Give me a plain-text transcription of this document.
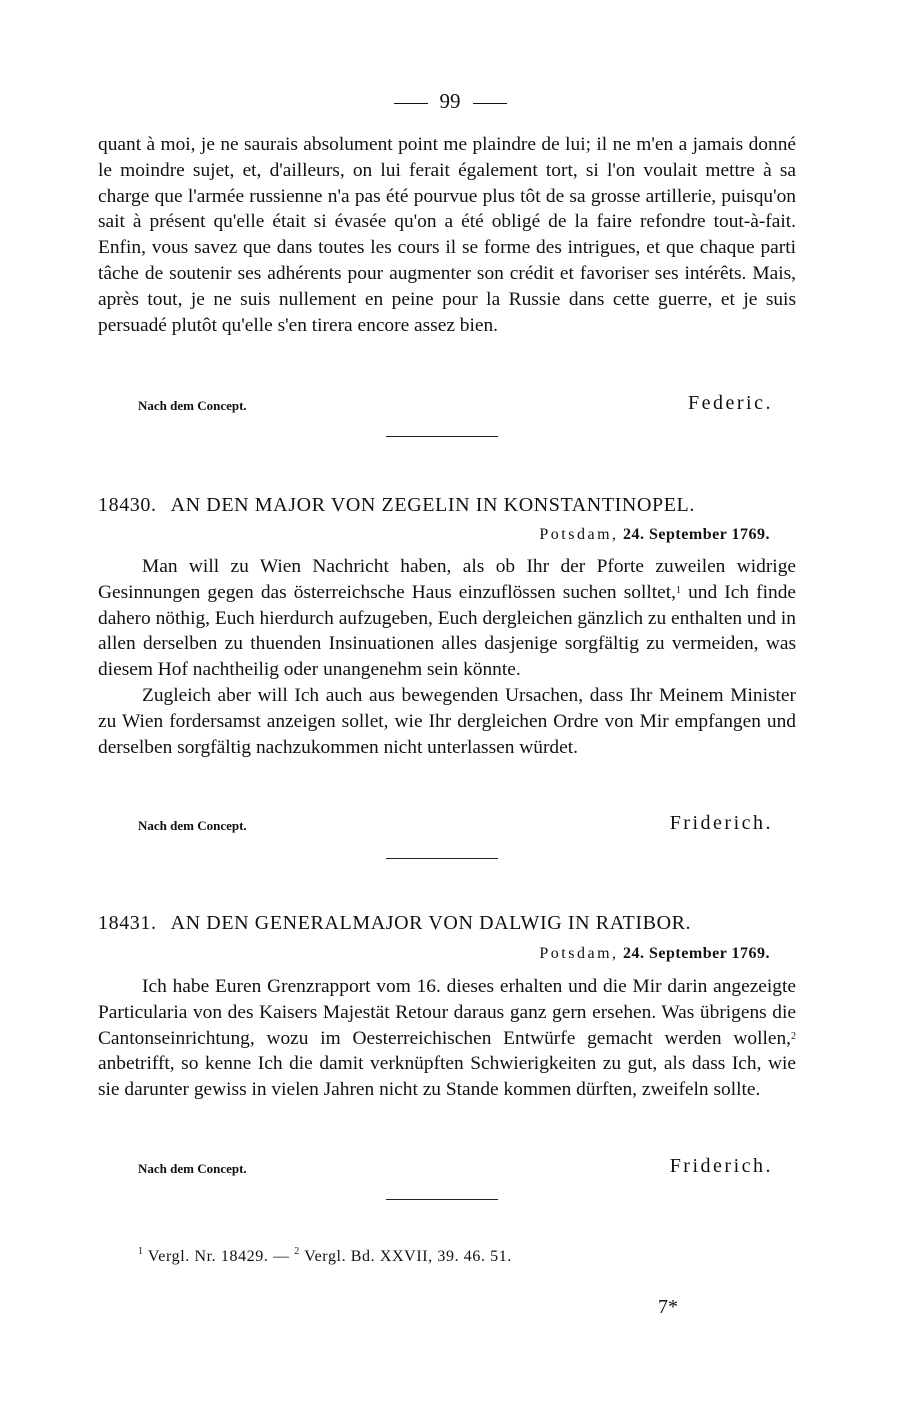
99

quant à moi, je ne saurais absolument point me plaindre de lui; il ne m'en a jamais donné le moindre sujet, et, d'ailleurs, on lui ferait également tort, si l'on voulait mettre à sa charge que l'armée russienne n'a pas été pourvue plus tôt de sa grosse artillerie, puisqu'on sait à présent qu'elle était si évasée qu'on a été obligé de la faire refondre tout-à-fait. Enfin, vous savez que dans toutes les cours il se forme des intrigues, et que chaque parti tâche de soutenir ses adhérents pour augmenter son crédit et favoriser ses intérêts. Mais, après tout, je ne suis nullement en peine pour la Russie dans cette guerre, et je suis persuadé plutôt qu'elle s'en tirera encore assez bien.

Nach dem Concept.	Federic.
18430. AN DEN MAJOR VON ZEGELIN IN KONSTANTINOPEL.
Potsdam, 24. September 1769.

Man will zu Wien Nachricht haben, als ob Ihr der Pforte zuweilen widrige Gesinnungen gegen das österreichsche Haus einzuflössen suchen solltet,$^1$ und Ich finde dahero nöthig, Euch hierdurch aufzugeben, Euch dergleichen gänzlich zu enthalten und in allen derselben zu thuenden Insinuationen alles dasjenige sorgfältig zu vermeiden, was diesem Hof nachtheilig oder unangenehm sein könnte.

Zugleich aber will Ich auch aus bewegenden Ursachen, dass Ihr Meinem Minister zu Wien fordersamst anzeigen sollet, wie Ihr dergleichen Ordre von Mir empfangen und derselben sorgfältig nachzukommen nicht unterlassen würdet.

Nach dem Concept.	Friderich.
18431. AN DEN GENERALMAJOR VON DALWIG IN RATIBOR.
Potsdam, 24. September 1769.

Ich habe Euren Grenzrapport vom 16. dieses erhalten und die Mir darin angezeigte Particularia von des Kaisers Majestät Retour daraus ganz gern ersehen. Was übrigens die Cantonseinrichtung, wozu im Oesterreichischen Entwürfe gemacht werden wollen,$^2$ anbetrifft, so kenne Ich die damit verknüpften Schwierigkeiten zu gut, als dass Ich, wie sie darunter gewiss in vielen Jahren nicht zu Stande kommen dürften, zweifeln sollte.

Nach dem Concept.	Friderich.
$^1$ Vergl. Nr. 18429. — $^2$ Vergl. Bd. XXVII, 39. 46. 51.
7*
